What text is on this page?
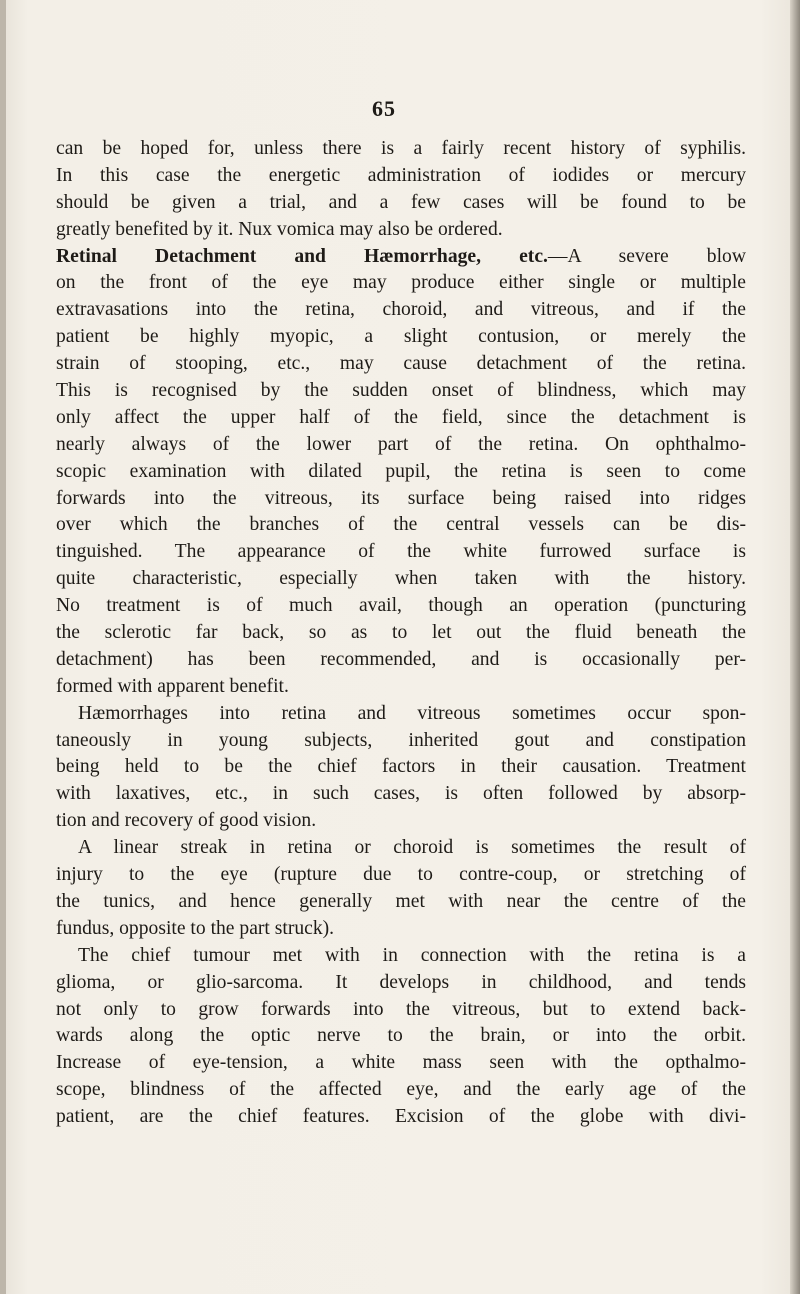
65
can be hoped for, unless there is a fairly recent history of syphilis.
In this case the energetic administration of iodides or mercury
should be given a trial, and a few cases will be found to be
greatly benefited by it. Nux vomica may also be ordered.
Retinal Detachment and Hæmorrhage, etc.—A severe blow
on the front of the eye may produce either single or multiple
extravasations into the retina, choroid, and vitreous, and if the
patient be highly myopic, a slight contusion, or merely the
strain of stooping, etc., may cause detachment of the retina.
This is recognised by the sudden onset of blindness, which may
only affect the upper half of the field, since the detachment is
nearly always of the lower part of the retina. On ophthalmo-
scopic examination with dilated pupil, the retina is seen to come
forwards into the vitreous, its surface being raised into ridges
over which the branches of the central vessels can be dis-
tinguished. The appearance of the white furrowed surface is
quite characteristic, especially when taken with the history.
No treatment is of much avail, though an operation (puncturing
the sclerotic far back, so as to let out the fluid beneath the
detachment) has been recommended, and is occasionally per-
formed with apparent benefit.
Hæmorrhages into retina and vitreous sometimes occur spon-
taneously in young subjects, inherited gout and constipation
being held to be the chief factors in their causation. Treatment
with laxatives, etc., in such cases, is often followed by absorp-
tion and recovery of good vision.
A linear streak in retina or choroid is sometimes the result of
injury to the eye (rupture due to contre-coup, or stretching of
the tunics, and hence generally met with near the centre of the
fundus, opposite to the part struck).
The chief tumour met with in connection with the retina is a
glioma, or glio-sarcoma. It develops in childhood, and tends
not only to grow forwards into the vitreous, but to extend back-
wards along the optic nerve to the brain, or into the orbit.
Increase of eye-tension, a white mass seen with the opthalmo-
scope, blindness of the affected eye, and the early age of the
patient, are the chief features. Excision of the globe with divi-
